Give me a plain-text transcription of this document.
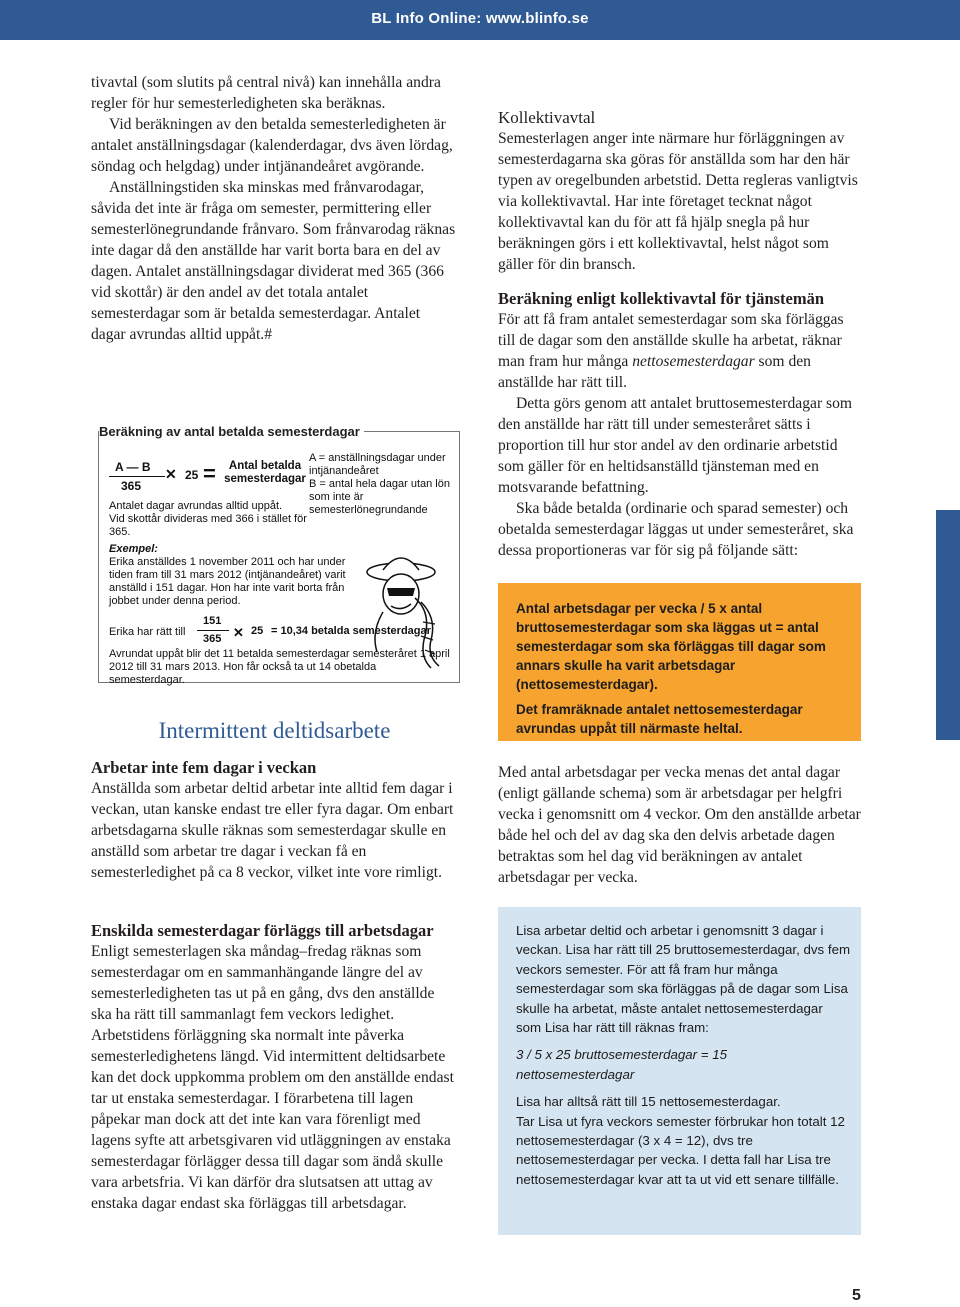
BL Info Online: www.blinfo.se

tivavtal (som slutits på central nivå) kan innehålla andra regler för hur semesterledigheten ska beräknas.

Vid beräkningen av den betalda semesterledigheten är antalet anställningsdagar (kalenderdagar, dvs även lördag, söndag och helgdag) under intjänandeåret avgörande.

Anställningstiden ska minskas med frånvarodagar, såvida det inte är fråga om semester, permittering eller semesterlönegrundande frånvaro. Som frånvarodag räknas inte dagar då den anställde har varit borta bara en del av dagen. Antalet anställningsdagar dividerat med 365 (366 vid skottår) är den andel av det totala antalet semesterdagar som är betalda semesterdagar. Antalet dagar avrundas alltid uppåt.#

Beräkning av antal betalda semesterdagar
A — B
365
✕ 25 =	Antal betalda semesterdagar
A = anställningsdagar under intjänandeåret
B = antal hela dagar utan lön som inte är semesterlönegrundande
Antalet dagar avrundas alltid uppåt.
Vid skottår divideras med 366 i stället för 365.
Exempel:
Erika anställdes 1 november 2011 och har under tiden fram till 31 mars 2012 (intjänandeåret) varit anställd i 151 dagar. Hon har inte varit borta från jobbet under denna period.
Erika har rätt till
151
365 ✕ 25 = 10,34 betalda semesterdagar
Avrundat uppåt blir det 11 betalda semesterdagar semesteråret 1 april 2012 till 31 mars 2013. Hon får också ta ut 14 obetalda semesterdagar.
Intermittent deltidsarbete

Arbetar inte fem dagar i veckan

Anställda som arbetar deltid arbetar inte alltid fem dagar i veckan, utan kanske endast tre eller fyra dagar. Om enbart arbetsdagarna skulle räknas som semesterdagar skulle en anställd som arbetar tre dagar i veckan få en semesterledighet på ca 8 veckor, vilket inte vore rimligt.

Enskilda semesterdagar förläggs till arbetsdagar

Enligt semesterlagen ska måndag–fredag räknas som semesterdagar om en sammanhängande längre del av semesterledigheten tas ut på en gång, dvs den anställde ska ha rätt till sammanlagt fem veckors ledighet. Arbetstidens förläggning ska normalt inte påverka semesterledighetens längd. Vid intermittent deltidsarbete kan det dock uppkomma problem om den anställde endast tar ut enstaka semesterdagar. I förarbetena till lagen påpekar man dock att det inte kan vara förenligt med lagens syfte att arbetsgivaren vid utläggningen av enstaka semesterdagar förlägger dessa till dagar som ändå skulle vara arbetsfria. Vi kan därför dra slutsatsen att uttag av enstaka dagar endast ska förläggas till arbetsdagar.

Kollektivavtal

Semesterlagen anger inte närmare hur förläggningen av semesterdagarna ska göras för anställda som har den här typen av oregelbunden arbetstid. Detta regleras vanligtvis via kollektivavtal. Har inte företaget tecknat något kollektivavtal kan du för att få hjälp snegla på hur beräkningen görs i ett kollektivavtal, helst något som gäller för din bransch.

Beräkning enligt kollektivavtal för tjänstemän

För att få fram antalet semesterdagar som ska förläggas till de dagar som den anställde skulle ha arbetat, räknar man fram hur många nettosemesterdagar som den anställde har rätt till.

Detta görs genom att antalet bruttosemesterdagar som den anställde har rätt till under semesteråret sätts i proportion till hur stor andel av den ordinarie arbetstid som gäller för en heltidsanställd tjänsteman med en motsvarande befattning.

Ska både betalda (ordinarie och sparad semester) och obetalda semesterdagar läggas ut under semesteråret, ska dessa proportioneras var för sig på följande sätt:

Antal arbetsdagar per vecka / 5 x antal bruttosemesterdagar som ska läggas ut = antal semesterdagar som ska förläggas till dagar som annars skulle ha varit arbetsdagar (nettosemesterdagar).

Det framräknade antalet nettosemesterdagar avrundas uppåt till närmaste heltal.

Med antal arbetsdagar per vecka menas det antal dagar (enligt gällande schema) som är arbetsdagar per helgfri vecka i genomsnitt om 4 veckor. Om den anställde arbetar både hel och del av dag ska den delvis arbetade dagen betraktas som hel dag vid beräkningen av antalet arbetsdagar per vecka.

Lisa arbetar deltid och arbetar i genomsnitt 3 dagar i veckan. Lisa har rätt till 25 bruttosemesterdagar, dvs fem veckors semester. För att få fram hur många semesterdagar som ska förläggas på de dagar som Lisa skulle ha arbetat, måste antalet nettosemesterdagar som Lisa har rätt till räknas fram:

3 / 5 x 25 bruttosemesterdagar = 15 nettosemesterdagar

Lisa har alltså rätt till 15 nettosemesterdagar.

Tar Lisa ut fyra veckors semester förbrukar hon totalt 12 nettosemesterdagar (3 x 4 = 12), dvs tre nettosemesterdagar per vecka. I detta fall har Lisa tre nettosemesterdagar kvar att ta ut vid ett senare tillfälle.

5
